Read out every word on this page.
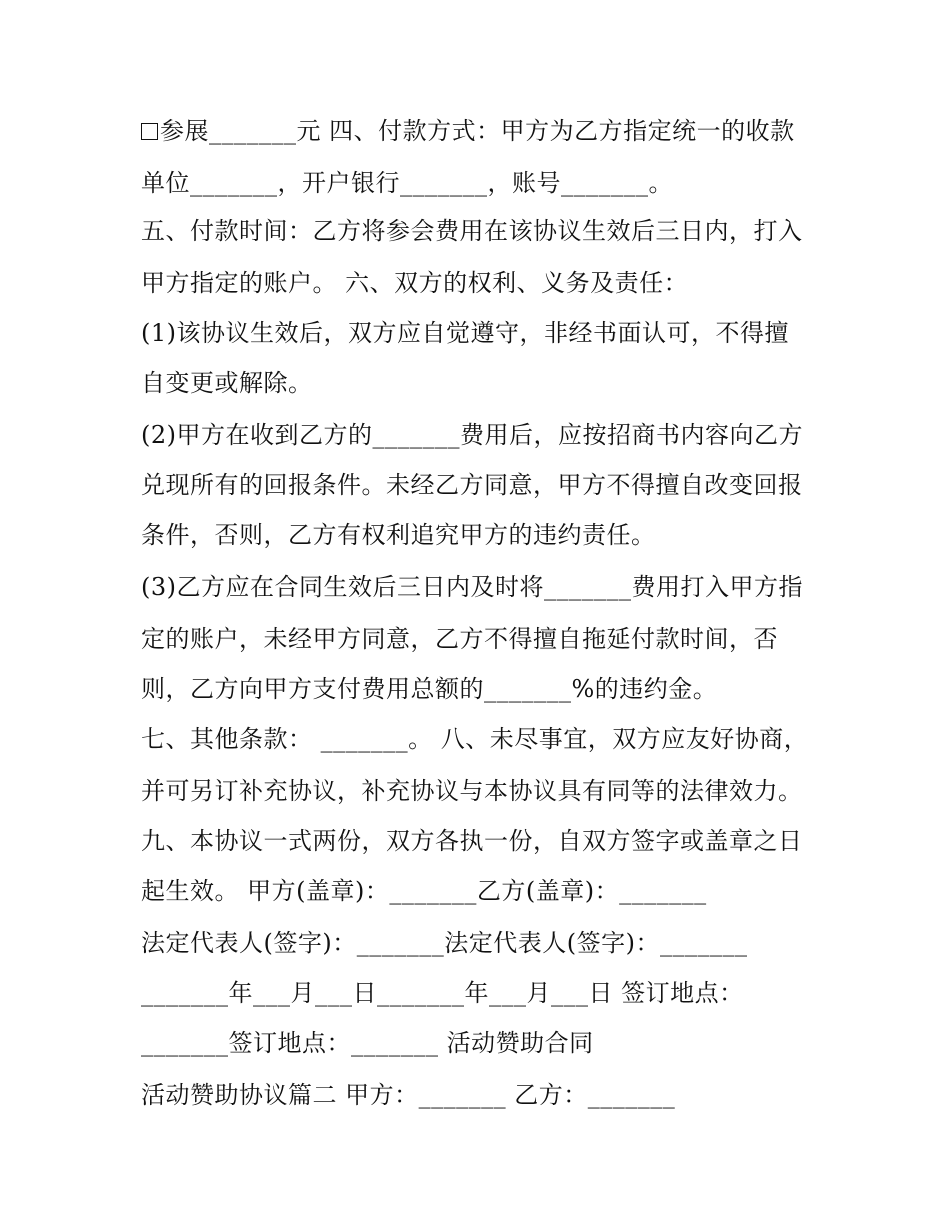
参展_______元 四、付款方式：甲方为乙方指定统一的收款
单位_______，开户银行_______，账号_______。
五、付款时间：乙方将参会费用在该协议生效后三日内，打入
甲方指定的账户。 六、双方的权利、义务及责任：
(1)该协议生效后，双方应自觉遵守，非经书面认可，不得擅
自变更或解除。
(2)甲方在收到乙方的_______费用后，应按招商书内容向乙方
兑现所有的回报条件。未经乙方同意，甲方不得擅自改变回报
条件，否则，乙方有权利追究甲方的违约责任。
(3)乙方应在合同生效后三日内及时将_______费用打入甲方指
定的账户，未经甲方同意，乙方不得擅自拖延付款时间，否
则，乙方向甲方支付费用总额的_______%的违约金。
七、其他条款： _______。 八、未尽事宜，双方应友好协商，
并可另订补充协议，补充协议与本协议具有同等的法律效力。
九、本协议一式两份，双方各执一份，自双方签字或盖章之日
起生效。 甲方(盖章)：_______乙方(盖章)：_______
法定代表人(签字)：_______法定代表人(签字)：_______
_______年___月___日_______年___月___日 签订地点：
_______签订地点：_______ 活动赞助合同
活动赞助协议篇二 甲方：_______ 乙方：_______
